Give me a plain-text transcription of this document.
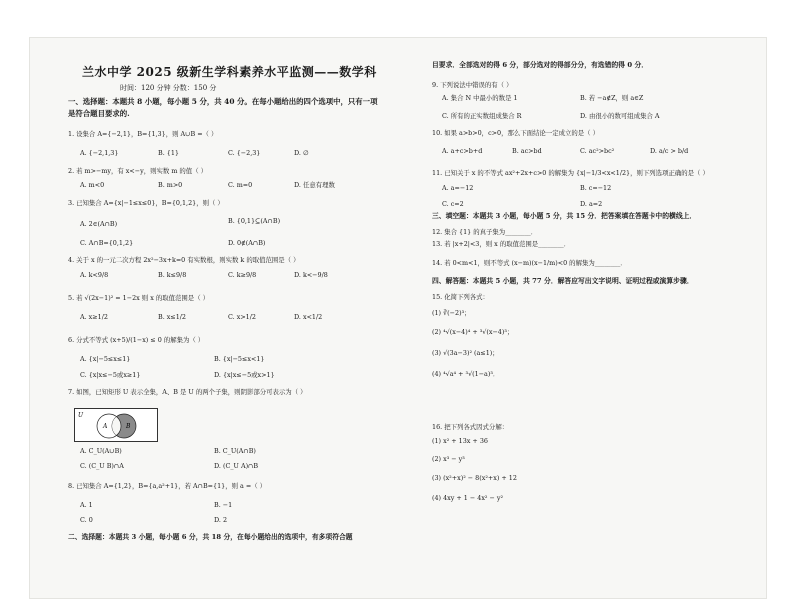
兰水中学 2025 级新生学科素养水平监测——数学科
时间：120 分钟 分数：150 分
一、选择题：本题共 8 小题，每小题 5 分，共 40 分。在每小题给出的四个选项中，只有一项
是符合题目要求的.
1. 设集合 A={−2,1}，B={1,3}，则 A∪B =（ ）
A. {−2,1,3}	B. {1}	C. {−2,3}	D. ∅
2. 若 m>−my，有 x<−y，则实数 m 的值（ ）
A. m<0	B. m>0	C. m=0	D. 任意有理数
3. 已知集合 A={x|−1≤x≤0}，B={0,1,2}，则（ ）
A. 2∈(A∩B)	B. {0,1}⊆(A∩B)
C. A∩B={0,1,2}	D. 0∉(A∩B)
4. 关于 x 的一元二次方程 2x²−3x+k=0 有实数根，则实数 k 的取值范围是（ ）
A. k<9/8	B. k≤9/8	C. k≥9/8	D. k<−9/8
5. 若 √(2x−1)² = 1−2x 则 x 的取值范围是（ ）
A. x≥1/2	B. x≤1/2	C. x>1/2	D. x<1/2
6. 分式不等式 (x+5)/(1−x) ≤ 0 的解集为（ ）
A. {x|−5≤x≤1}	B. {x|−5≤x<1}
C. {x|x≤−5或x≥1}	D. {x|x≤−5或x>1}
7. 如图，已知矩形 U 表示全集，A、B 是 U 的两个子集，则阴影部分可表示为（ ）
A. C_U(A∪B)	B. C_U(A∩B)
C. (C_U B)∩A	D. (C_U A)∩B
8. 已知集合 A={1,2}，B={a,a²+1}，若 A∩B={1}，则 a =（ ）
A. 1	B. −1
C. 0	D. 2
二、选择题：本题共 3 小题，每小题 6 分，共 18 分，在每小题给出的选项中，有多项符合题
U
A	B
目要求．全部选对的得 6 分，部分选对的得部分分，有选错的得 0 分．
9. 下列说法中错误的有（ ）
A. 集合 N 中最小的数是 1	B. 若 −a∉Z，则 a∈Z
C. 所有的正实数组成集合 R	D. 由很小的数可组成集合 A
10. 如果 a>b>0，c>0，那么下面结论一定成立的是（ ）
A. a+c>b+d	B. ac>bd	C. ac²>bc²	D. a/c > b/d
11. 已知关于 x 的不等式 ax²+2x+c>0 的解集为 {x|−1/3<x<1/2}，则下列选项正确的是（ ）
A. a=−12	B. c=−12
C. c=2	D. a=2
三、填空题：本题共 3 小题，每小题 5 分，共 15 分．把答案填在答题卡中的横线上．
12. 集合 {1} 的真子集为________．
13. 若 |x+2|<3，则 x 的取值范围是________．
14. 若 0<m<1，则不等式 (x−m)(x−1/m)<0 的解集为________．
四、解答题：本题共 5 小题，共 77 分．解答应写出文字说明、证明过程或演算步骤．
15. 化简下列各式：
(1) ∛(−2)³；
(2) ⁴√(x−4)⁴ + ³√(x−4)³；
(3) √(3a−3)² (a≤1)；
(4) ⁴√a⁴ + ³√(1−a)³．
16. 把下列各式因式分解：
(1) x² + 13x + 36
(2) x³ − y³
(3) (x²+x)² − 8(x²+x) + 12
(4) 4xy + 1 − 4x² − y²
